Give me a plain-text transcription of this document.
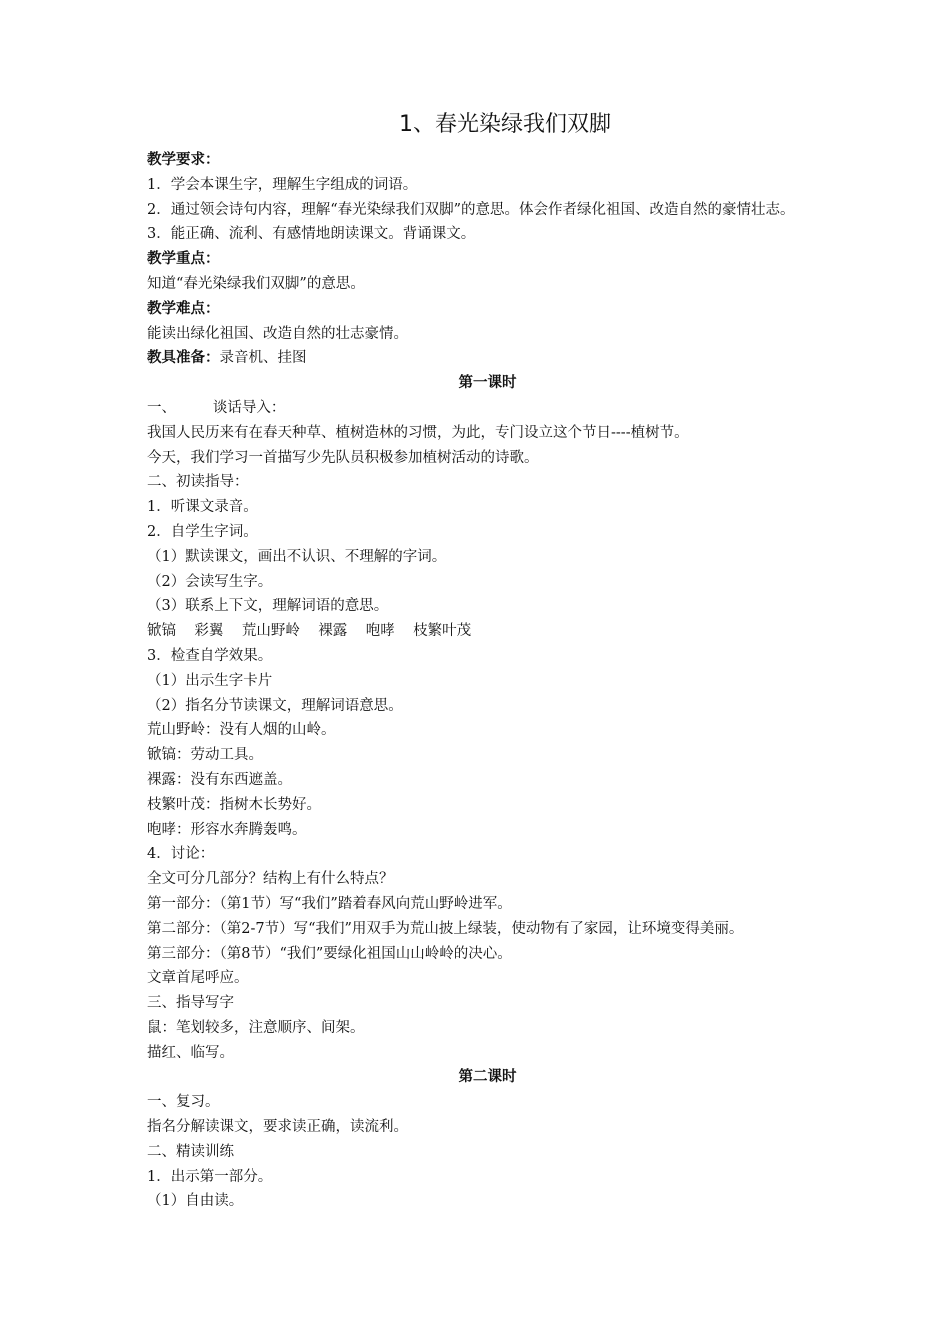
1、春光染绿我们双脚
教学要求：
1．学会本课生字，理解生字组成的词语。
2．通过领会诗句内容，理解“春光染绿我们双脚”的意思。体会作者绿化祖国、改造自然的豪情壮志。
3．能正确、流利、有感情地朗读课文。背诵课文。
教学重点：
知道“春光染绿我们双脚”的意思。
教学难点：
能读出绿化祖国、改造自然的壮志豪情。
教具准备：录音机、挂图
第一课时
一、        谈话导入：
我国人民历来有在春天种草、植树造林的习惯，为此，专门设立这个节日----植树节。
今天，我们学习一首描写少先队员积极参加植树活动的诗歌。
二、初读指导：
1．听课文录音。
2．自学生字词。
（1）默读课文，画出不认识、不理解的字词。
（2）会读写生字。
（3）联系上下文，理解词语的意思。
锨镐    彩翼    荒山野岭    裸露    咆哮    枝繁叶茂
3．检查自学效果。
（1）出示生字卡片
（2）指名分节读课文，理解词语意思。
荒山野岭：没有人烟的山岭。
锨镐：劳动工具。
裸露：没有东西遮盖。
枝繁叶茂：指树木长势好。
咆哮：形容水奔腾轰鸣。
4．讨论：
全文可分几部分？结构上有什么特点？
第一部分：（第1节）写“我们”踏着春风向荒山野岭进军。
第二部分：（第2-7节）写“我们”用双手为荒山披上绿装，使动物有了家园，让环境变得美丽。
第三部分：（第8节）“我们”要绿化祖国山山岭岭的决心。
文章首尾呼应。
三、指导写字
鼠：笔划较多，注意顺序、间架。
描红、临写。
第二课时
一、复习。
指名分解读课文，要求读正确，读流利。
二、精读训练
1．出示第一部分。
（1）自由读。
